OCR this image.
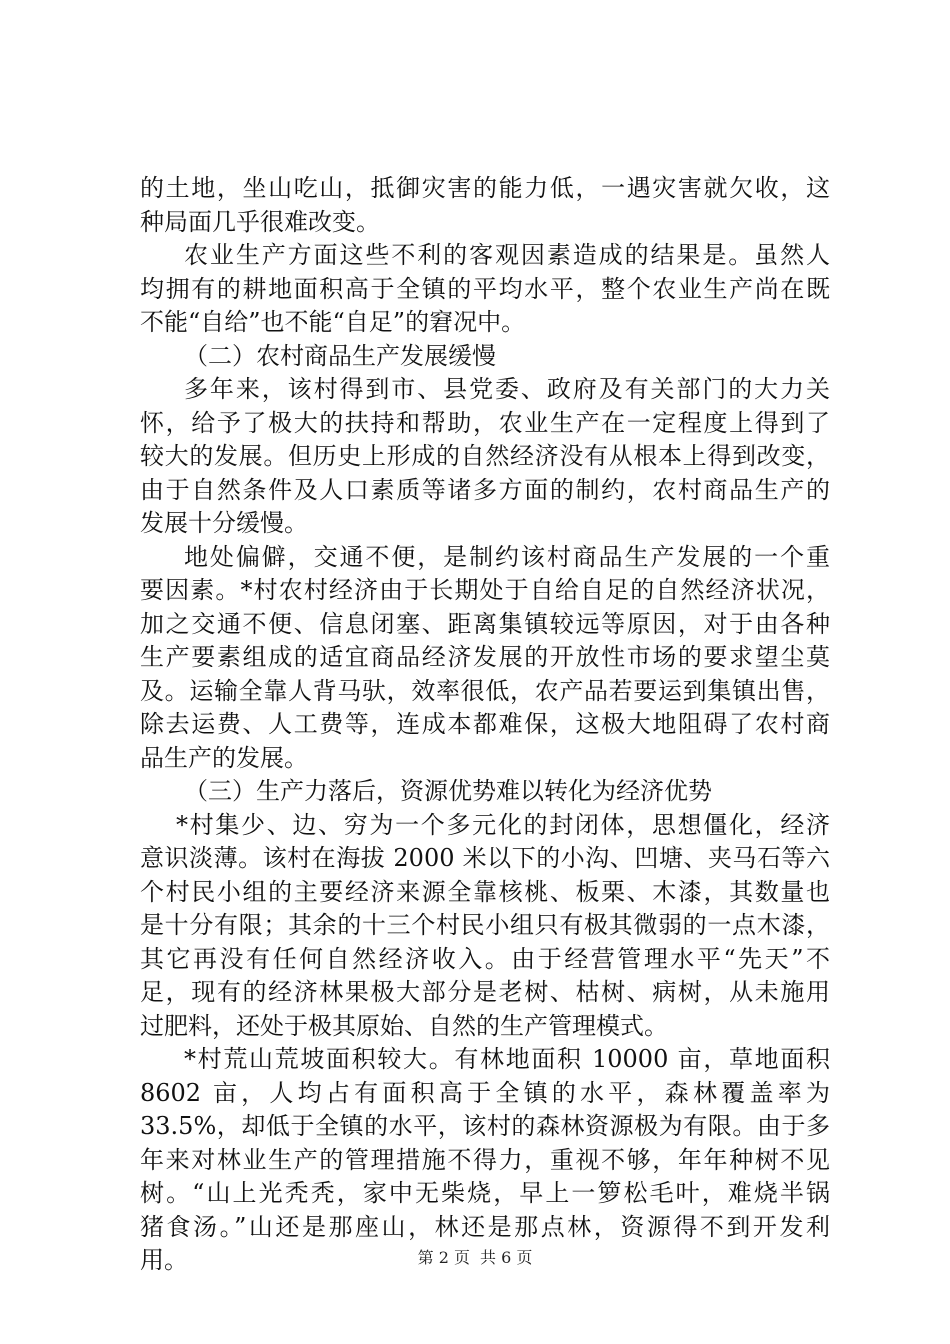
的土地，坐山吃山，抵御灾害的能力低，一遇灾害就欠收，这
种局面几乎很难改变。
农业生产方面这些不利的客观因素造成的结果是。虽然人
均拥有的耕地面积高于全镇的平均水平，整个农业生产尚在既
不能“自给”也不能“自足”的窘况中。
（二）农村商品生产发展缓慢
多年来，该村得到市、县党委、政府及有关部门的大力关
怀，给予了极大的扶持和帮助，农业生产在一定程度上得到了
较大的发展。但历史上形成的自然经济没有从根本上得到改变，
由于自然条件及人口素质等诸多方面的制约，农村商品生产的
发展十分缓慢。
地处偏僻，交通不便，是制约该村商品生产发展的一个重
要因素。*村农村经济由于长期处于自给自足的自然经济状况，
加之交通不便、信息闭塞、距离集镇较远等原因，对于由各种
生产要素组成的适宜商品经济发展的开放性市场的要求望尘莫
及。运输全靠人背马驮，效率很低，农产品若要运到集镇出售，
除去运费、人工费等，连成本都难保，这极大地阻碍了农村商
品生产的发展。
（三）生产力落后，资源优势难以转化为经济优势
*村集少、边、穷为一个多元化的封闭体，思想僵化，经济
意识淡薄。该村在海拔 2000 米以下的小沟、凹塘、夹马石等六
个村民小组的主要经济来源全靠核桃、板栗、木漆，其数量也
是十分有限；其余的十三个村民小组只有极其微弱的一点木漆，
其它再没有任何自然经济收入。由于经营管理水平“先天”不
足，现有的经济林果极大部分是老树、枯树、病树，从未施用
过肥料，还处于极其原始、自然的生产管理模式。
*村荒山荒坡面积较大。有林地面积 10000 亩，草地面积
8602 亩，人均占有面积高于全镇的水平，森林覆盖率为
33.5%，却低于全镇的水平，该村的森林资源极为有限。由于多
年来对林业生产的管理措施不得力，重视不够，年年种树不见
树。“山上光秃秃，家中无柴烧，早上一箩松毛叶，难烧半锅
猪食汤。”山还是那座山，林还是那点林，资源得不到开发利
用。	第 2 页 共 6 页
